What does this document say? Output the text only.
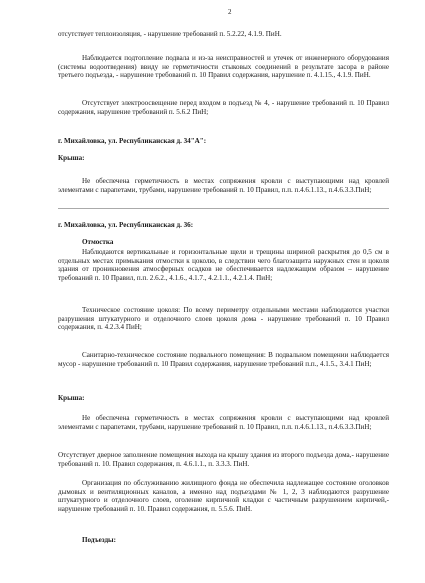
2

отсутствует теплоизоляция, - нарушение требований п. 5.2.22, 4.1.9. ПиН.

Наблюдается подтопление подвала и из-за неисправностей и утечек от инженерного оборудования (системы водоотведения) ввиду не герметичности стыковых соединений в результате засора в районе третьего подъезда, - нарушение требований п. 10 Правил содержания, нарушение п. 4.1.15., 4.1.9. ПиН.

Отсутствует электроосвещение перед входом в подъезд № 4, - нарушение требований п. 10 Правил содержания, нарушение требований п. 5.6.2 ПиН;

г. Михайловка, ул. Республиканская д. 34"А":

Крыша:

Не обеспечена герметичность в местах сопряжения кровли с выступающими над кровлей элементами с парапетами, трубами, нарушение требований п. 10 Правил, п.п. п.4.6.1.13., п.4.6.3.3.ПиН;

г. Михайловка, ул. Республиканская д. 36:

Отмостка

Наблюдаются вертикальные и горизонтальные щели и трещины шириной раскрытия до 0,5 см в отдельных местах примыкания отмостки к цоколю, в следствии чего благоэащита наружных стен и цоколя здания от проникновения атмосферных осадков не обеспечивается надлежащим образом – нарушение требований п. 10 Правил, п.п. 2.6.2., 4.1.6., 4.1.7., 4.2.1.1., 4.2.1.4. ПиН;

Техническое состояние цоколя: По всему периметру отдельными местами наблюдаются участки разрушения штукатурного и отделочного слоев цоколя дома - нарушение требований п. 10 Правил содержания, п. 4.2.3.4 ПиН;

Санитарно-техническое состояние подвального помещения: В подвальном помещении наблюдается мусор - нарушение требований п. 10 Правил содержания, нарушение требований п.п., 4.1.5., 3.4.1 ПиН;

Крыша:

Не обеспечена герметичность в местах сопряжения кровли с выступающими над кровлей элементами с парапетами, трубами, нарушение требований п. 10 Правил, п.п. п.4.6.1.13., п.4.6.3.3.ПиН;

Отсутствует дверное заполнение помещения выхода на крышу здания из второго подъезда дома,- нарушение требований п. 10. Правил содержания, п. 4.6.1.1., п. 3.3.3. ПиН.

Организация по обслуживанию жилищного фонда не обеспечила надлежащее состояние оголовков дымовых и вентиляционных каналов, а именно над подъездами № 1, 2, 3 наблюдаются разрушение штукатурного и отделочного слоев, оголение кирпичной кладки с частичным разрушением кирпичей,- нарушение требований п. 10. Правил содержания, п. 5.5.6. ПиН.

Подъезды:
